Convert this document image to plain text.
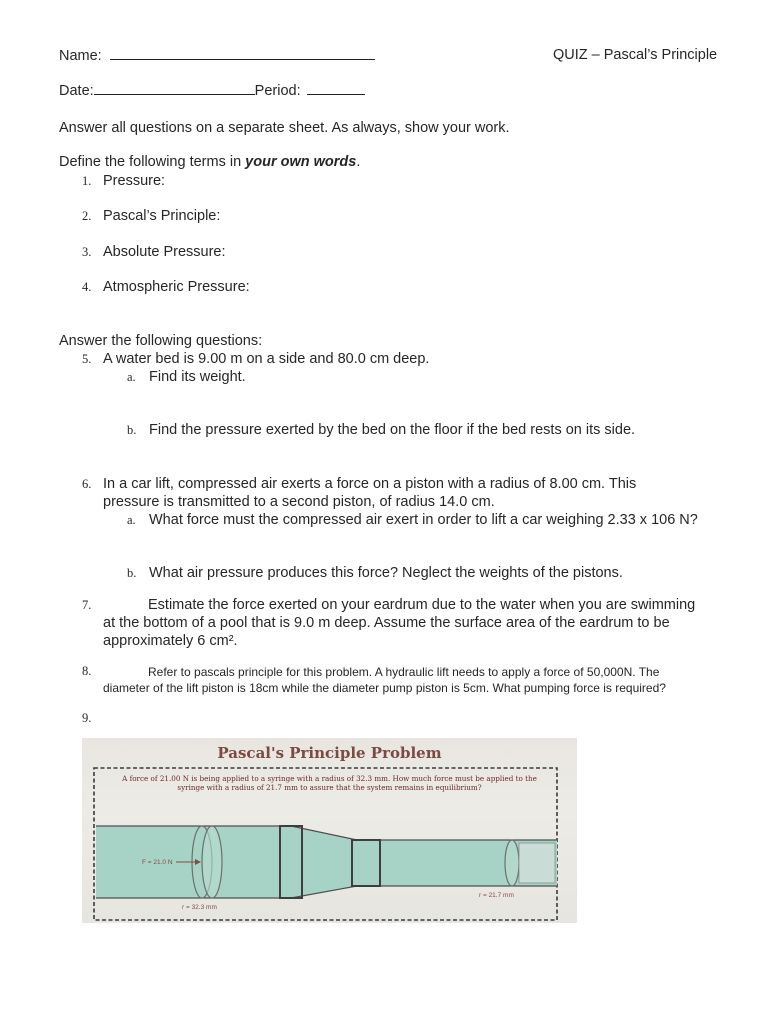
Name:	QUIZ – Pascal’s Principle
Date:	Period:
Answer all questions on a separate sheet. As always, show your work.
Define the following terms in your own words.
1. Pressure:
2. Pascal’s Principle:
3. Absolute Pressure:
4. Atmospheric Pressure:
Answer the following questions:
5. A water bed is 9.00 m on a side and 80.0 cm deep.
a. Find its weight.
b. Find the pressure exerted by the bed on the floor if the bed rests on its side.
6. In a car lift, compressed air exerts a force on a piston with a radius of 8.00 cm. This
pressure is transmitted to a second piston, of radius 14.0 cm.
a. What force must the compressed air exert in order to lift a car weighing 2.33 x 106 N?
b. What air pressure produces this force? Neglect the weights of the pistons.
7.	Estimate the force exerted on your eardrum due to the water when you are swimming
at the bottom of a pool that is 9.0 m deep. Assume the surface area of the eardrum to be
approximately 6 cm².
8.	Refer to pascals principle for this problem. A hydraulic lift needs to apply a force of 50,000N. The
diameter of the lift piston is 18cm while the diameter pump piston is 5cm. What pumping force is required?
9.
F = 21.0 N
r = 32.3 mm
r = 21.7 mm
Pascal's Principle Problem
A force of 21.00 N is being applied to a syringe with a radius of 32.3 mm. How much force must be applied to the syringe with a radius of 21.7 mm to assure that the system remains in equilibrium?
